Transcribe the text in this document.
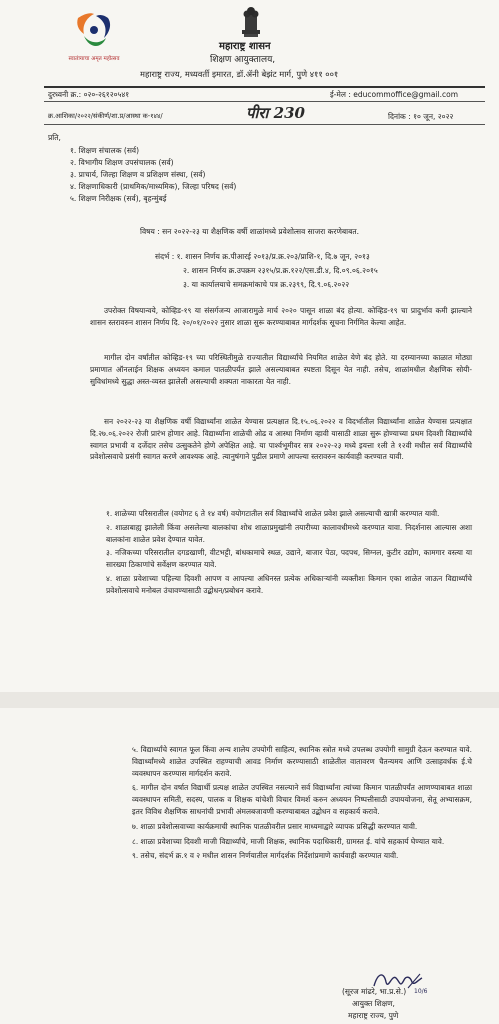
स्वातंत्र्याचा अमृत महोत्सव
महाराष्ट्र शासन
शिक्षण आयुक्तालय,
महाराष्ट्र राज्य, मध्यवर्ती इमारत, डॉ.ॲनी बेझंट मार्ग, पुणे ४११ ००१
दुरध्वनी क्र.: ०२०-२६१२०५४१	ई-मेल : educommoffice@gmail.com
क्र.आशिका/२०२२/संकीर्ण/शा.प्र/आस्था क-१४४/	पीरा 230	दिनांक : १० जून, २०२२
प्रति,
१. शिक्षण संचालक (सर्व)
२. विभागीय शिक्षण उपसंचालक (सर्व)
३. प्राचार्य, जिल्हा शिक्षण व प्रशिक्षण संस्था, (सर्व)
४. शिक्षणाधिकारी (प्राथमिक/माध्यमिक), जिल्हा परिषद (सर्व)
५. शिक्षण निरीक्षक (सर्व), बृहन्मुंबई
विषय : सन २०२२-२३ या शैक्षणिक वर्षी शाळांमध्ये प्रवेशोत्सव साजरा करणेबाबत.
संदर्भ : १. शासन निर्णय क्र.पीआरई २०१३/प्र.क्र.२०३/प्राशि-१, दि.७ जून, २०१३
२. शासन निर्णय क्र.उपक्रम २३१५/प्र.क्र.१२२/एस.डी.४, दि.०९.०६.२०१५
३. या कार्यालयाचे समक्रमांकाचे पत्र क्र.२३९९, दि.९.०६.२०२२
उपरोक्त विषयान्वये, कोव्हिड-१९ या संसर्गजन्य आजारामुळे मार्च २०२० पासून शाळा बंद होत्या. कोव्हिड-१९ चा प्रादुर्भाव कमी झाल्याने शासन स्तरावरुन शासन निर्णय दि. २०/०१/२०२२ नुसार शाळा सुरू करण्याबाबत मार्गदर्शक सूचना निर्गमित केल्या आहेत.
मागील दोन वर्षांतील कोव्हिड-१९ च्या परिस्थितीमुळे राज्यातील विद्यार्थ्यांचे नियमित शाळेत येणे बंद होते. या दरम्यानच्या काळात मोठ्या प्रमाणात ऑनलाईन शिक्षक अध्ययन कमाल पातळीपर्यंत झाले असल्याबाबत स्पष्टता दिसून येत नाही. तसेच, शाळांमधील शैक्षणिक सोयी-सुविधांमध्ये सुद्धा अस्त-व्यस्त झालेली असल्याची शक्यता नाकारता येत नाही.
सन २०२२-२३ या शैक्षणिक वर्षी विद्यार्थ्यांना शाळेत येण्यास प्रत्यक्षात दि.१५.०६.२०२२ व विदर्भातील विद्यार्थ्यांना शाळेत येण्यास प्रत्यक्षात दि.२७.०६.२०२२ रोजी प्रारंभ होणार आहे. विद्यार्थ्यांना शाळेची ओढ व आस्था निर्माण व्हावी यासाठी शाळा सुरू होण्याच्या प्रथम दिवशी विद्यार्थ्यांचे स्वागत प्रभावी व दर्जेदार तसेच उत्सुकतेने होणे अपेक्षित आहे. या पार्श्वभूमीवर सत्र २०२२-२३ मध्ये इयत्ता १ली ते १२वी मधील सर्व विद्यार्थ्यांचे प्रवेशोत्सवाचे प्रसंगी स्वागत करणे आवश्यक आहे. त्यानुषंगाने पुढील प्रमाणे आपल्या स्तरावरुन कार्यवाही करण्यात यावी.
१. शाळेच्या परिसरातील (वयोगट ६ ते १४ वर्ष) वयोगटातील सर्व विद्यार्थ्यांचे शाळेत प्रवेश झाले असल्याची खात्री करण्यात यावी.
२. शाळाबाह्य झालेली किंवा असलेल्या बालकांचा शोध शाळाप्रमुखांनी तयारीच्या कालावधीमध्ये करण्यात यावा. निदर्शनास आल्यास अशा बालकांना शाळेत प्रवेश देण्यात यावेत.
३. नजिकच्या परिसरातील दगडखाणी, वीटभट्टी, बांधकामाचे स्थळ, उद्याने, बाजार पेठा, पदपथ, सिग्नल, कुटीर उद्योग, कामगार वस्त्या या सारख्या ठिकाणांचे सर्वेक्षण करण्यात यावे.
४. शाळा प्रवेशाच्या पहिल्या दिवशी आपण व आपल्या अधिनस्त प्रत्येक अधिकाऱ्यांनी व्यक्तीशः किमान एका शाळेत जाऊन विद्यार्थ्यांचे प्रवेशोत्सवाचे मनोबल उंचावण्यासाठी उद्बोधन/प्रबोधन करावे.
५. विद्यार्थ्यांचे स्वागत फूल किंवा अन्य शालेय उपयोगी साहित्य, स्थानिक स्त्रोत मध्ये उपलब्ध उपयोगी सामुग्री देऊन करण्यात यावे. विद्यार्थ्यांमध्ये शाळेत उपस्थित राहण्याची आवड निर्माण करण्यासाठी शाळेतील वातावरण चैतन्यमय आणि उत्साहवर्धक ई.चे व्यवस्थापन करण्यास मार्गदर्शन करावे.
६. मागील दोन वर्षात विद्यार्थी प्रत्यक्ष शाळेत उपस्थित नसल्याने सर्व विद्यार्थ्यांना त्यांच्या किमान पातळीपर्यंत आणण्याबाबत शाळा व्यवस्थापन समिती, सदस्य, पालक व शिक्षक यांचेशी विचार विमर्श करुन अध्ययन निष्पत्तीसाठी उपाययोजना, सेतू अभ्यासक्रम, इतर विविध शैक्षणिक साधनांची प्रभावी अंमलबजावणी करण्याबाबत उद्बोधन व सहकार्य करावे.
७. शाळा प्रवेशोत्सवाच्या कार्यक्रमाची स्थानिक पातळीवरील प्रसार माध्यमाद्वारे व्यापक प्रसिद्धी करण्यात यावी.
८. शाळा प्रवेशाच्या दिवशी माजी विद्यार्थ्यांचे, माजी शिक्षक, स्थानिक पदाधिकारी, ग्रामस्त ई. यांचे सहकार्य घेण्यात यावे.
९. तसेच, संदर्भ क्र.१ व २ मधील शासन निर्णयातील मार्गदर्शक निर्देशांप्रमाणे कार्यवाही करण्यात यावी.
10/6
(सूरज मांढरे, भा.प्र.से.)
आयुक्त शिक्षण,
महाराष्ट्र राज्य, पुणे
